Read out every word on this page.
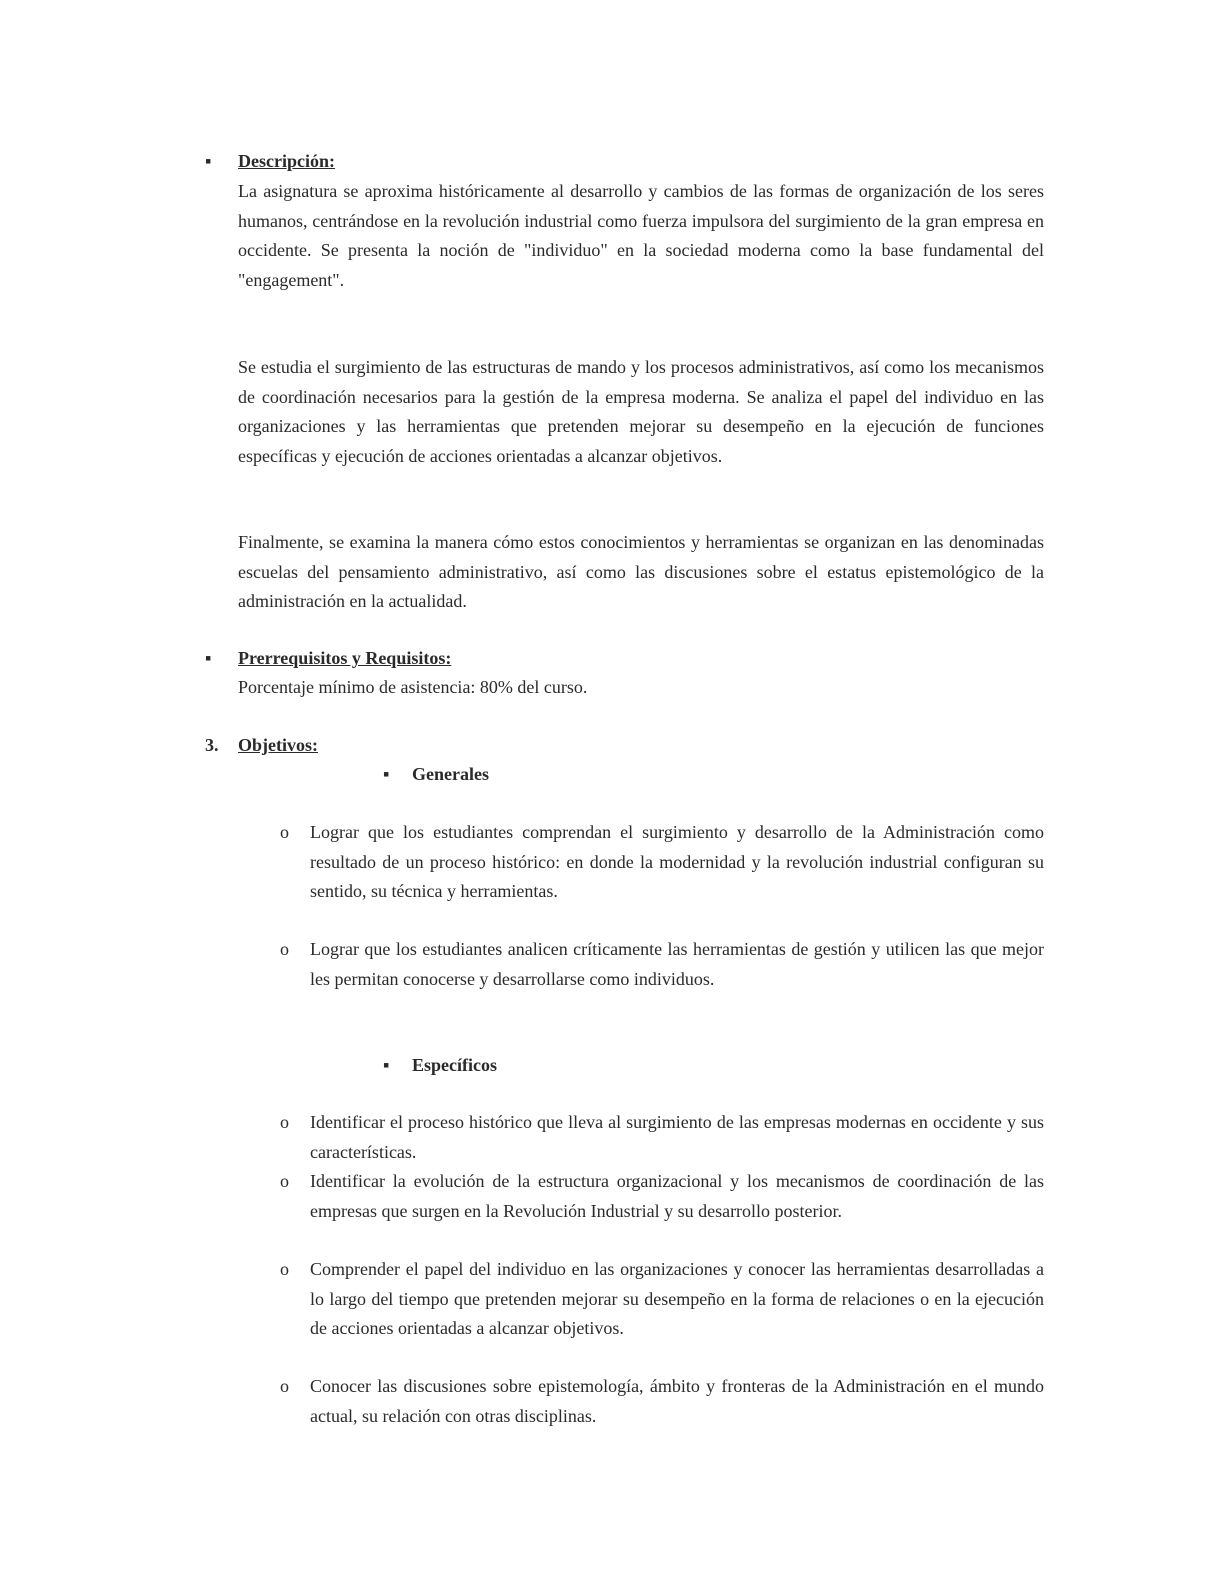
▪ Descripción:

La asignatura se aproxima históricamente al desarrollo y cambios de las formas de organización de los seres humanos, centrándose en la revolución industrial como fuerza impulsora del surgimiento de la gran empresa en occidente. Se presenta la noción de "individuo" en la sociedad moderna como la base fundamental del "engagement".

Se estudia el surgimiento de las estructuras de mando y los procesos administrativos, así como los mecanismos de coordinación necesarios para la gestión de la empresa moderna. Se analiza el papel del individuo en las organizaciones y las herramientas que pretenden mejorar su desempeño en la ejecución de funciones específicas y ejecución de acciones orientadas a alcanzar objetivos.

Finalmente, se examina la manera cómo estos conocimientos y herramientas se organizan en las denominadas escuelas del pensamiento administrativo, así como las discusiones sobre el estatus epistemológico de la administración en la actualidad.

▪ Prerrequisitos y Requisitos:

Porcentaje mínimo de asistencia: 80% del curso.

3. Objetivos:
▪ Generales
o Lograr que los estudiantes comprendan el surgimiento y desarrollo de la Administración como resultado de un proceso histórico: en donde la modernidad y la revolución industrial configuran su sentido, su técnica y herramientas.
o Lograr que los estudiantes analicen críticamente las herramientas de gestión y utilicen las que mejor les permitan conocerse y desarrollarse como individuos.
▪ Específicos
o Identificar el proceso histórico que lleva al surgimiento de las empresas modernas en occidente y sus características.
o Identificar la evolución de la estructura organizacional y los mecanismos de coordinación de las empresas que surgen en la Revolución Industrial y su desarrollo posterior.
o Comprender el papel del individuo en las organizaciones y conocer las herramientas desarrolladas a lo largo del tiempo que pretenden mejorar su desempeño en la forma de relaciones o en la ejecución de acciones orientadas a alcanzar objetivos.
o Conocer las discusiones sobre epistemología, ámbito y fronteras de la Administración en el mundo actual, su relación con otras disciplinas.
